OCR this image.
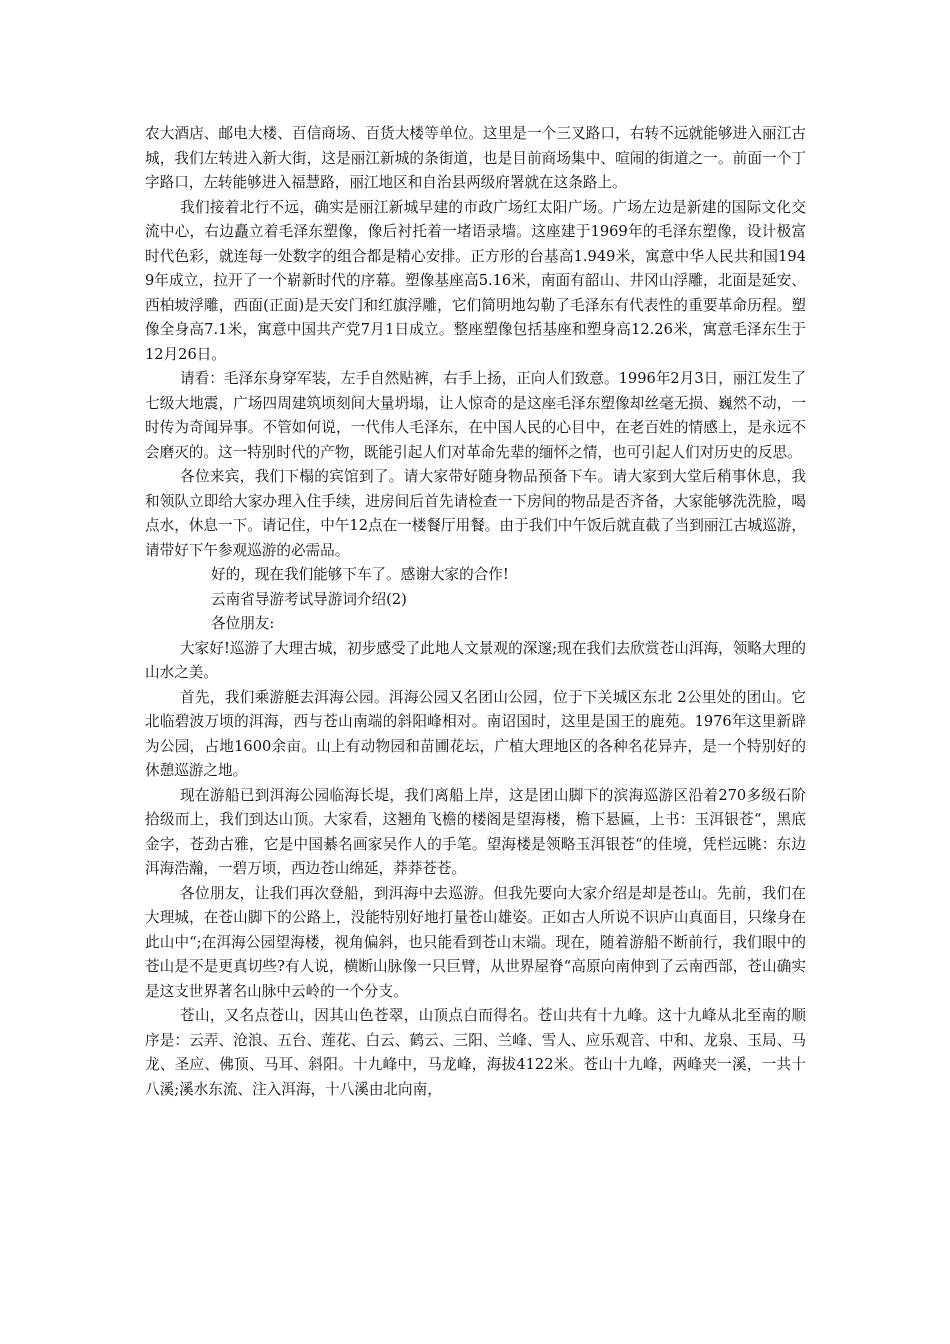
农大酒店、邮电大楼、百信商场、百货大楼等单位。这里是一个三叉路口，右转不远就能够进入丽江古城，我们左转进入新大街，这是丽江新城的条街道，也是目前商场集中、喧闹的街道之一。前面一个丁字路口，左转能够进入福慧路，丽江地区和自治县两级府署就在这条路上。

我们接着北行不远，确实是丽江新城早建的市政广场红太阳广场。广场左边是新建的国际文化交流中心，右边矗立着毛泽东塑像，像后衬托着一堵语录墙。这座建于1969年的毛泽东塑像，设计极富时代色彩，就连每一处数字的组合都是精心安排。正方形的台基高1.949米，寓意中华人民共和国1949年成立，拉开了一个崭新时代的序幕。塑像基座高5.16米，南面有韶山、井冈山浮雕，北面是延安、西柏坡浮雕，西面(正面)是天安门和红旗浮雕，它们简明地勾勒了毛泽东有代表性的重要革命历程。塑像全身高7.1米，寓意中国共产党7月1日成立。整座塑像包括基座和塑身高12.26米，寓意毛泽东生于12月26日。

请看：毛泽东身穿军装，左手自然贴裤，右手上扬，正向人们致意。1996年2月3日，丽江发生了七级大地震，广场四周建筑顷刻间大量坍塌，让人惊奇的是这座毛泽东塑像却丝毫无损、巍然不动，一时传为奇闻异事。不管如何说，一代伟人毛泽东，在中国人民的心目中，在老百姓的情感上，是永远不会磨灭的。这一特别时代的产物，既能引起人们对革命先辈的缅怀之情，也可引起人们对历史的反思。

各位来宾，我们下榻的宾馆到了。请大家带好随身物品预备下车。请大家到大堂后稍事休息，我和领队立即给大家办理入住手续，进房间后首先请检查一下房间的物品是否齐备，大家能够洗洗脸，喝点水，休息一下。请记住，中午12点在一楼餐厅用餐。由于我们中午饭后就直截了当到丽江古城巡游，请带好下午参观巡游的必需品。

好的，现在我们能够下车了。感谢大家的合作!

云南省导游考试导游词介绍(2)

各位朋友:

大家好!巡游了大理古城，初步感受了此地人文景观的深邃;现在我们去欣赏苍山洱海，领略大理的山水之美。

首先，我们乘游艇去洱海公园。洱海公园又名团山公园，位于下关城区东北 2公里处的团山。它北临碧波万顷的洱海，西与苍山南端的斜阳峰相对。南诏国时，这里是国王的鹿苑。1976年这里新辟为公园，占地1600余亩。山上有动物园和苗圃花坛，广植大理地区的各种名花异卉，是一个特别好的休憩巡游之地。

现在游船已到洱海公园临海长堤，我们离船上岸，这是团山脚下的滨海巡游区沿着270多级石阶拾级而上，我们到达山顶。大家看，这翘角飞檐的楼阁是望海楼，檐下悬匾，上书：玉洱银苍“，黑底金字，苍劲古雅，它是中国綦名画家吴作人的手笔。望海楼是领略玉洱银苍“的佳境，凭栏远眺：东边洱海浩瀚，一碧万顷，西边苍山绵延，莽莽苍苍。

各位朋友，让我们再次登船，到洱海中去巡游。但我先要向大家介绍是却是苍山。先前，我们在大理城，在苍山脚下的公路上，没能特别好地打量苍山雄姿。正如古人所说不识庐山真面目，只缘身在此山中“;在洱海公园望海楼，视角偏斜，也只能看到苍山末端。现在，随着游船不断前行，我们眼中的苍山是不是更真切些?有人说，横断山脉像一只巨臂，从世界屋脊“高原向南伸到了云南西部，苍山确实是这支世界著名山脉中云岭的一个分支。

苍山，又名点苍山，因其山色苍翠，山顶点白而得名。苍山共有十九峰。这十九峰从北至南的顺序是：云弄、沧浪、五台、莲花、白云、鹤云、三阳、兰峰、雪人、应乐观音、中和、龙泉、玉局、马龙、圣应、佛顶、马耳、斜阳。十九峰中，马龙峰，海拔4122米。苍山十九峰，两峰夹一溪，一共十八溪;溪水东流、注入洱海，十八溪由北向南，
